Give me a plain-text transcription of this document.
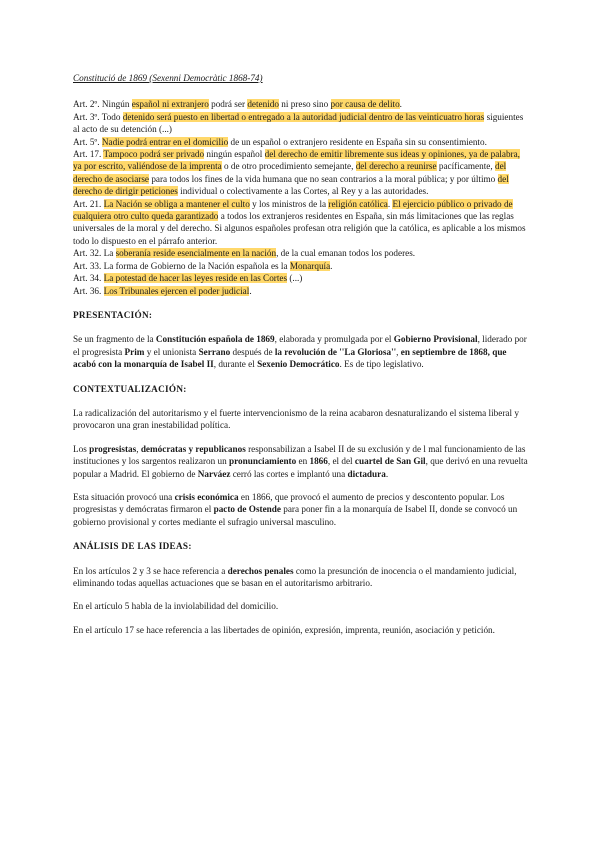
Constitució de 1869 (Sexenni Democràtic 1868-74)

Art. 2º. Ningún español ni extranjero podrá ser detenido ni preso sino por causa de delito.

Art. 3º. Todo detenido será puesto en libertad o entregado a la autoridad judicial dentro de las veinticuatro horas siguientes al acto de su detención (...)

Art. 5º. Nadie podrá entrar en el domicilio de un español o extranjero residente en España sin su consentimiento.

Art. 17. Tampoco podrá ser privado ningún español del derecho de emitir libremente sus ideas y opiniones, ya de palabra, ya por escrito, valiéndose de la imprenta o de otro procedimiento semejante, del derecho a reunirse pacíficamente, del derecho de asociarse para todos los fines de la vida humana que no sean contrarios a la moral pública; y por último del derecho de dirigir peticiones individual o colectivamente a las Cortes, al Rey y a las autoridades.

Art. 21. La Nación se obliga a mantener el culto y los ministros de la religión católica. El ejercicio público o privado de cualquiera otro culto queda garantizado a todos los extranjeros residentes en España, sin más limitaciones que las reglas universales de la moral y del derecho. Si algunos españoles profesan otra religión que la católica, es aplicable a los mismos todo lo dispuesto en el párrafo anterior.

Art. 32. La soberanía reside esencialmente en la nación, de la cual emanan todos los poderes.

Art. 33. La forma de Gobierno de la Nación española es la Monarquía.

Art. 34. La potestad de hacer las leyes reside en las Cortes (...)

Art. 36. Los Tribunales ejercen el poder judicial.

PRESENTACIÓN:

Se un fragmento de la Constitución española de 1869, elaborada y promulgada por el Gobierno Provisional, liderado por el progresista Prim y el unionista Serrano después de la revolución de ''La Gloriosa'', en septiembre de 1868, que acabó con la monarquía de Isabel II, durante el Sexenio Democrático. Es de tipo legislativo.

CONTEXTUALIZACIÓN:

La radicalización del autoritarismo y el fuerte intervencionismo de la reina acabaron desnaturalizando el sistema liberal y provocaron una gran inestabilidad política.

Los progresistas, demócratas y republicanos responsabilizan a Isabel II de su exclusión y de l mal funcionamiento de las instituciones y los sargentos realizaron un pronunciamiento en 1866, el del cuartel de San Gil, que derivó en una revuelta popular a Madrid. El gobierno de Narváez cerró las cortes e implantó una dictadura.

Esta situación provocó una crisis económica en 1866, que provocó el aumento de precios y descontento popular. Los progresistas y demócratas firmaron el pacto de Ostende para poner fin a la monarquía de Isabel II, donde se convocó un gobierno provisional y cortes mediante el sufragio universal masculino.

ANÁLISIS DE LAS IDEAS:

En los artículos 2 y 3 se hace referencia a derechos penales como la presunción de inocencia o el mandamiento judicial, eliminando todas aquellas actuaciones que se basan en el autoritarismo arbitrario.

En el artículo 5 habla de la inviolabilidad del domicilio.

En el artículo 17 se hace referencia a las libertades de opinión, expresión, imprenta, reunión, asociación y petición.
